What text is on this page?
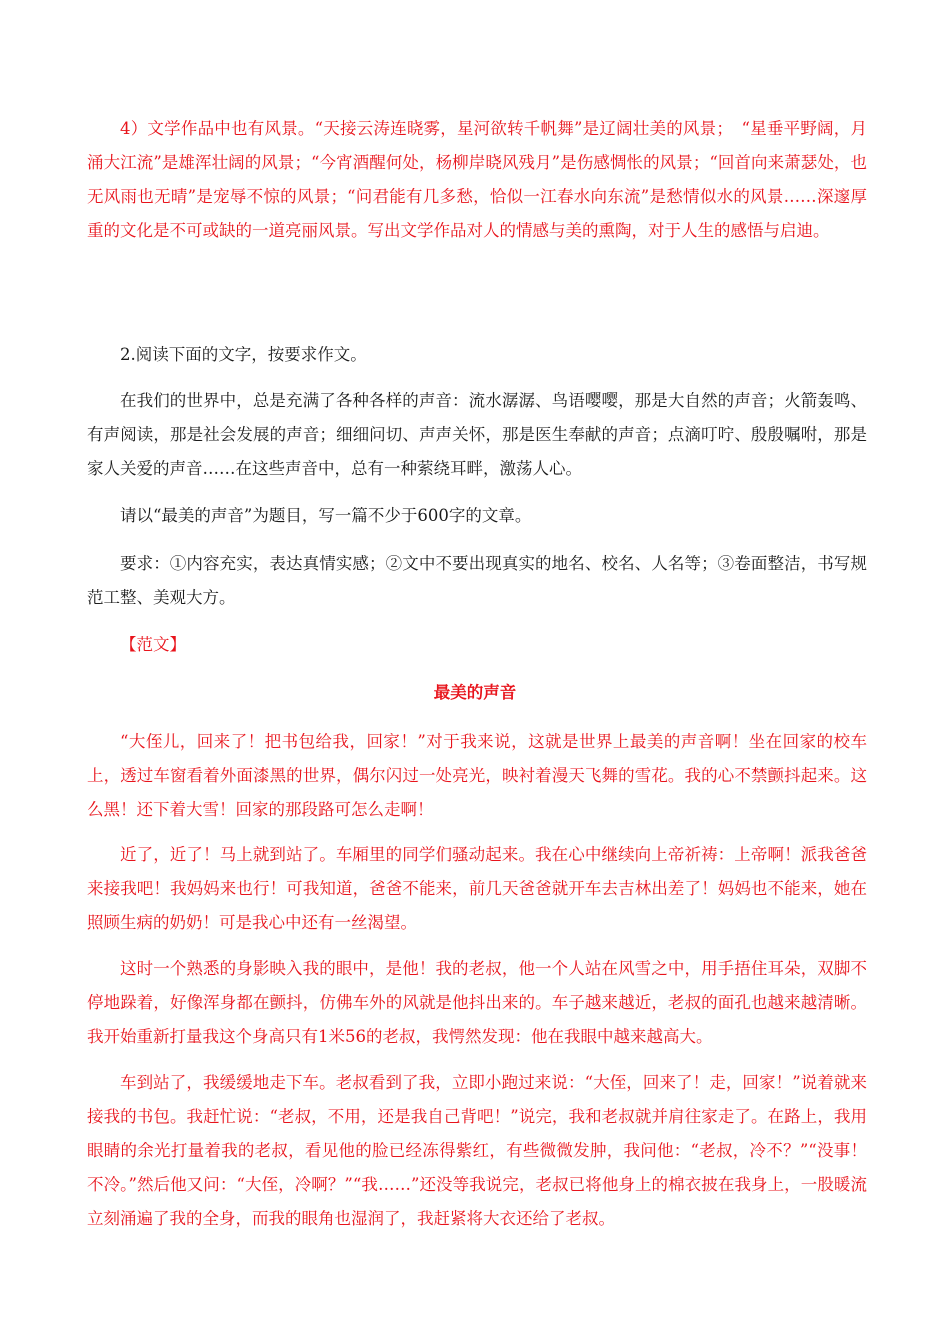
4）文学作品中也有风景。“天接云涛连晓雾，星河欲转千帆舞”是辽阔壮美的风景；　“星垂平野阔，月涌大江流”是雄浑壮阔的风景；“今宵酒醒何处，杨柳岸晓风残月”是伤感惆怅的风景；“回首向来萧瑟处，也无风雨也无晴”是宠辱不惊的风景；“问君能有几多愁，恰似一江春水向东流”是愁情似水的风景……深邃厚重的文化是不可或缺的一道亮丽风景。写出文学作品对人的情感与美的熏陶，对于人生的感悟与启迪。

2.阅读下面的文字，按要求作文。

在我们的世界中，总是充满了各种各样的声音：流水潺潺、鸟语嘤嘤，那是大自然的声音；火箭轰鸣、有声阅读，那是社会发展的声音；细细问切、声声关怀，那是医生奉献的声音；点滴叮咛、殷殷嘱咐，那是家人关爱的声音……在这些声音中，总有一种萦绕耳畔，激荡人心。

请以“最美的声音”为题目，写一篇不少于600字的文章。

要求：①内容充实，表达真情实感；②文中不要出现真实的地名、校名、人名等；③卷面整洁，书写规范工整、美观大方。

【范文】

最美的声音

“大侄儿，回来了！把书包给我，回家！”对于我来说，这就是世界上最美的声音啊！坐在回家的校车上，透过车窗看着外面漆黑的世界，偶尔闪过一处亮光，映衬着漫天飞舞的雪花。我的心不禁颤抖起来。这么黑！还下着大雪！回家的那段路可怎么走啊！

近了，近了！马上就到站了。车厢里的同学们骚动起来。我在心中继续向上帝祈祷：上帝啊！派我爸爸来接我吧！我妈妈来也行！可我知道，爸爸不能来，前几天爸爸就开车去吉林出差了！妈妈也不能来，她在照顾生病的奶奶！可是我心中还有一丝渴望。

这时一个熟悉的身影映入我的眼中，是他！我的老叔，他一个人站在风雪之中，用手捂住耳朵，双脚不停地跺着，好像浑身都在颤抖，仿佛车外的风就是他抖出来的。车子越来越近，老叔的面孔也越来越清晰。我开始重新打量我这个身高只有1米56的老叔，我愕然发现：他在我眼中越来越高大。

车到站了，我缓缓地走下车。老叔看到了我，立即小跑过来说：“大侄，回来了！走，回家！”说着就来接我的书包。我赶忙说：“老叔，不用，还是我自己背吧！”说完，我和老叔就并肩往家走了。在路上，我用眼睛的余光打量着我的老叔，看见他的脸已经冻得紫红，有些微微发肿，我问他：“老叔，冷不？”“没事！不冷。”然后他又问：“大侄，冷啊？”“我……”还没等我说完，老叔已将他身上的棉衣披在我身上，一股暖流立刻涌遍了我的全身，而我的眼角也湿润了，我赶紧将大衣还给了老叔。
